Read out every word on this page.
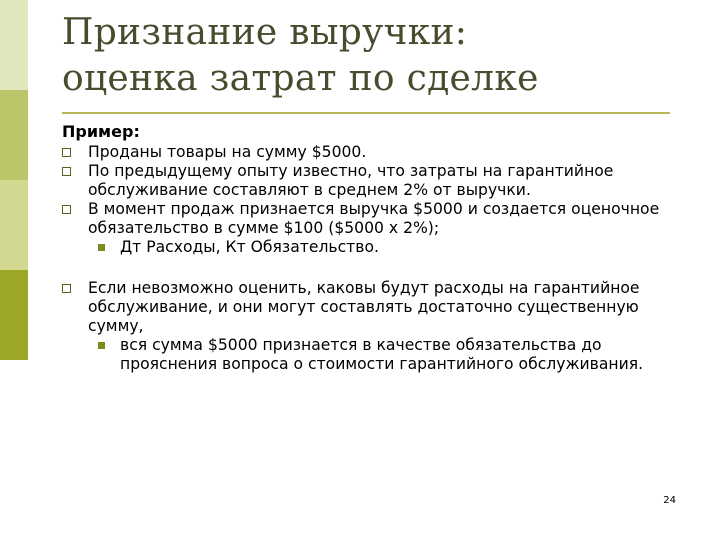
Признание выручки:
оценка затрат по сделке
Пример:
Проданы товары на сумму $5000.
По предыдущему опыту известно, что затраты на гарантийное обслуживание составляют в среднем 2% от выручки.
В момент продаж признается выручка $5000 и создается оценочное обязательство в сумме $100 ($5000 х 2%);
Дт Расходы, Кт Обязательство.
Если невозможно оценить, каковы будут расходы на гарантийное обслуживание, и они могут составлять достаточно существенную сумму,
вся сумма $5000 признается в качестве обязательства до прояснения вопроса о стоимости гарантийного обслуживания.
24
